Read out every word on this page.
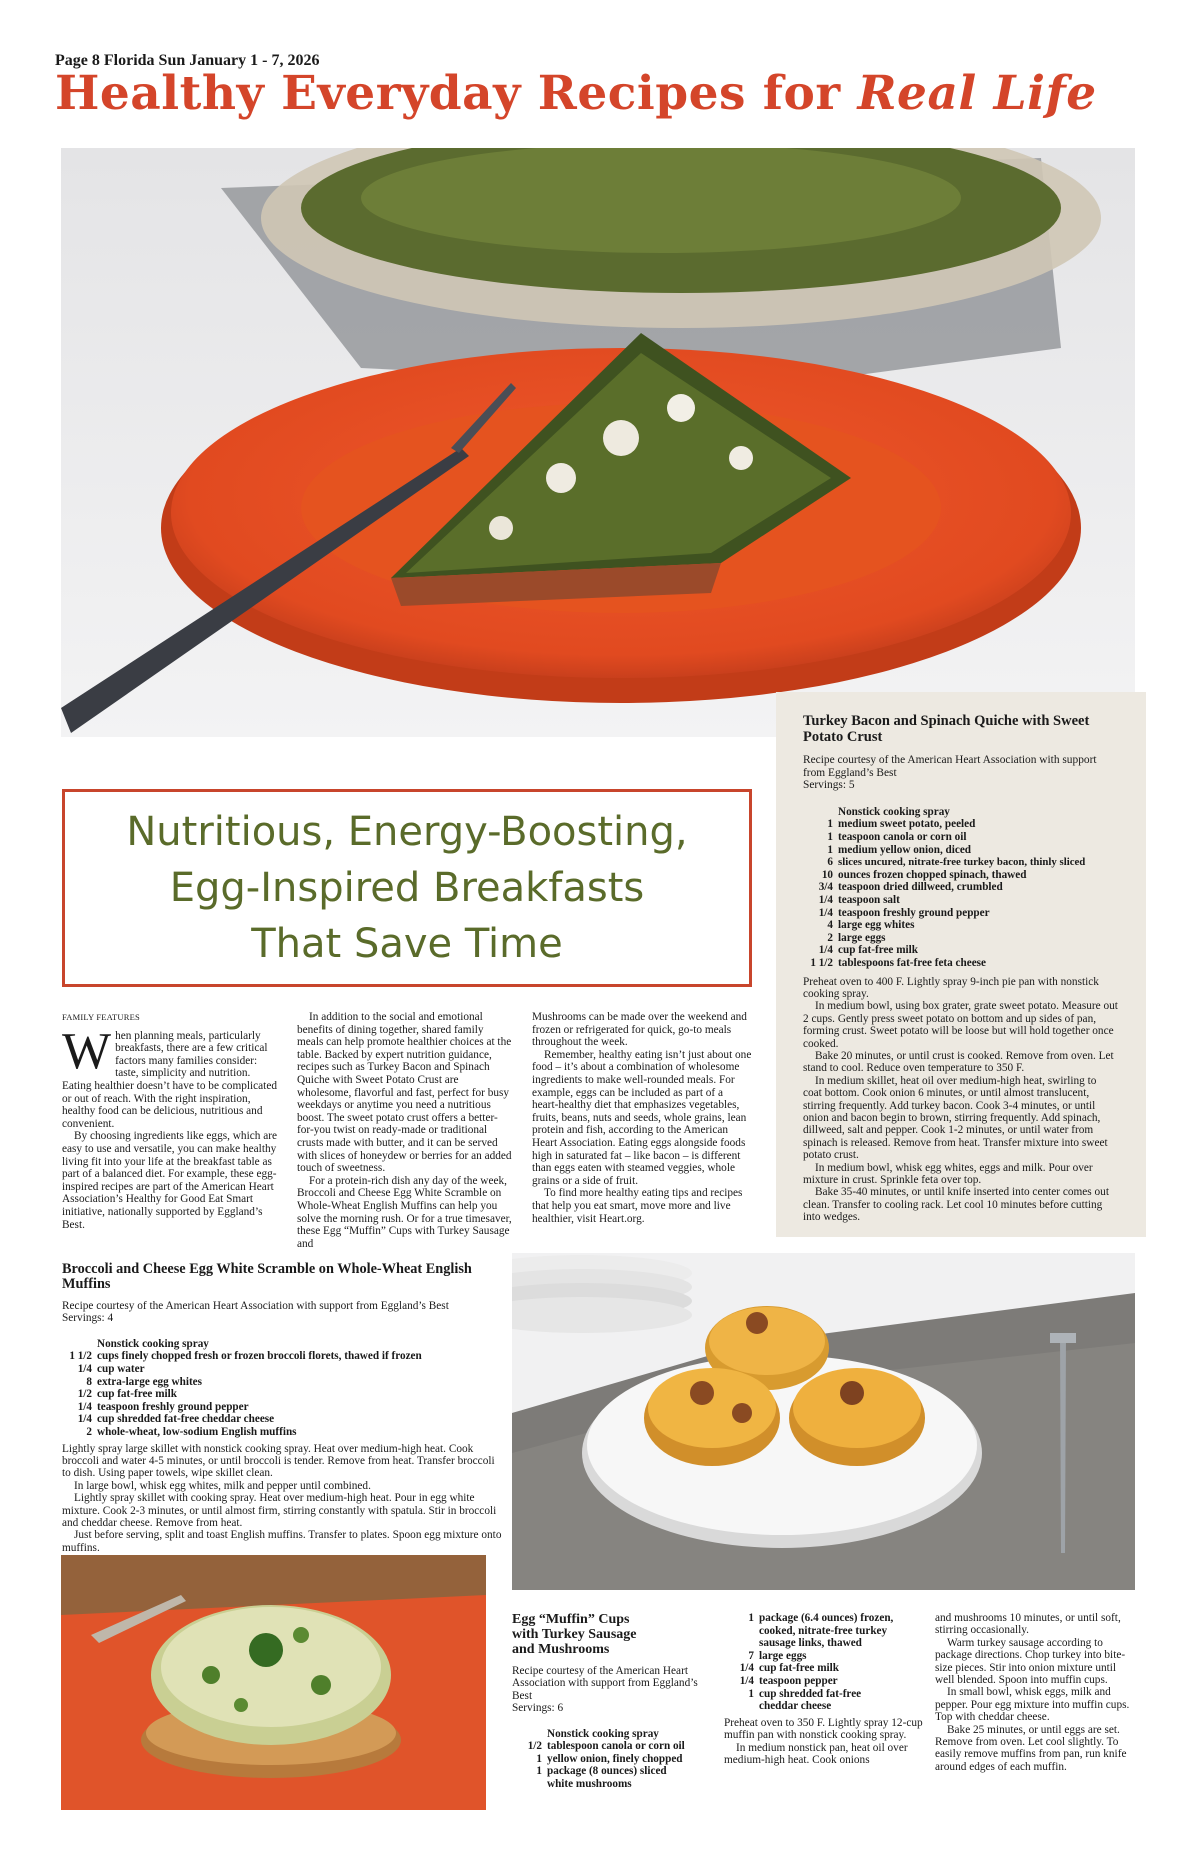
Page 8 Florida Sun January 1 - 7, 2026
Healthy Everyday Recipes for Real Life
Nutritious, Energy-Boosting,
Egg-Inspired Breakfasts
That Save Time
Turkey Bacon and Spinach Quiche with Sweet Potato Crust
Recipe courtesy of the American Heart Association with support from Eggland’s Best
Servings: 5
Nonstick cooking spray
1 medium sweet potato, peeled
1 teaspoon canola or corn oil
1 medium yellow onion, diced
6 slices uncured, nitrate-free turkey bacon, thinly sliced
10 ounces frozen chopped spinach, thawed
3/4 teaspoon dried dillweed, crumbled
1/4 teaspoon salt
1/4 teaspoon freshly ground pepper
4 large egg whites
2 large eggs
1/4 cup fat-free milk
1 1/2 tablespoons fat-free feta cheese

Preheat oven to 400 F. Lightly spray 9-inch pie pan with nonstick cooking spray.

In medium bowl, using box grater, grate sweet potato. Measure out 2 cups. Gently press sweet potato on bottom and up sides of pan, forming crust. Sweet potato will be loose but will hold together once cooked.

Bake 20 minutes, or until crust is cooked. Remove from oven. Let stand to cool. Reduce oven temperature to 350 F.

In medium skillet, heat oil over medium-high heat, swirling to coat bottom. Cook onion 6 minutes, or until almost translucent, stirring frequently. Add turkey bacon. Cook 3-4 minutes, or until onion and bacon begin to brown, stirring frequently. Add spinach, dillweed, salt and pepper. Cook 1-2 minutes, or until water from spinach is released. Remove from heat. Transfer mixture into sweet potato crust.

In medium bowl, whisk egg whites, eggs and milk. Pour over mixture in crust. Sprinkle feta over top.

Bake 35-40 minutes, or until knife inserted into center comes out clean. Transfer to cooling rack. Let cool 10 minutes before cutting into wedges.

FAMILY FEATURES

When planning meals, particularly breakfasts, there are a few critical factors many families consider: taste, simplicity and nutrition. Eating healthier doesn’t have to be complicated or out of reach. With the right inspiration, healthy food can be delicious, nutritious and convenient.

By choosing ingredients like eggs, which are easy to use and versatile, you can make healthy living fit into your life at the breakfast table as part of a balanced diet. For example, these egg-inspired recipes are part of the American Heart Association’s Healthy for Good Eat Smart initiative, nationally supported by Eggland’s Best.

In addition to the social and emotional benefits of dining together, shared family meals can help promote healthier choices at the table. Backed by expert nutrition guidance, recipes such as Turkey Bacon and Spinach Quiche with Sweet Potato Crust are wholesome, flavorful and fast, perfect for busy weekdays or anytime you need a nutritious boost. The sweet potato crust offers a better-for-you twist on ready-made or traditional crusts made with butter, and it can be served with slices of honeydew or berries for an added touch of sweetness.

For a protein-rich dish any day of the week, Broccoli and Cheese Egg White Scramble on Whole-Wheat English Muffins can help you solve the morning rush. Or for a true timesaver, these Egg “Muffin” Cups with Turkey Sausage and

Mushrooms can be made over the weekend and frozen or refrigerated for quick, go-to meals throughout the week.

Remember, healthy eating isn’t just about one food – it’s about a combination of wholesome ingredients to make well-rounded meals. For example, eggs can be included as part of a heart-healthy diet that emphasizes vegetables, fruits, beans, nuts and seeds, whole grains, lean protein and fish, according to the American Heart Association. Eating eggs alongside foods high in saturated fat – like bacon – is different than eggs eaten with steamed veggies, whole grains or a side of fruit.

To find more healthy eating tips and recipes that help you eat smart, move more and live healthier, visit Heart.org.

Broccoli and Cheese Egg White Scramble on Whole-Wheat English Muffins
Recipe courtesy of the American Heart Association with support from Eggland’s Best
Servings: 4
Nonstick cooking spray
1 1/2 cups finely chopped fresh or frozen broccoli florets, thawed if frozen
1/4 cup water
8 extra-large egg whites
1/2 cup fat-free milk
1/4 teaspoon freshly ground pepper
1/4 cup shredded fat-free cheddar cheese
2 whole-wheat, low-sodium English muffins

Lightly spray large skillet with nonstick cooking spray. Heat over medium-high heat. Cook broccoli and water 4-5 minutes, or until broccoli is tender. Remove from heat. Transfer broccoli to dish. Using paper towels, wipe skillet clean.

In large bowl, whisk egg whites, milk and pepper until combined.

Lightly spray skillet with cooking spray. Heat over medium-high heat. Pour in egg white mixture. Cook 2-3 minutes, or until almost firm, stirring constantly with spatula. Stir in broccoli and cheddar cheese. Remove from heat.

Just before serving, split and toast English muffins. Transfer to plates. Spoon egg mixture onto muffins.

Egg “Muffin” Cups
with Turkey Sausage
and Mushrooms
Recipe courtesy of the American Heart Association with support from Eggland’s Best
Servings: 6
Nonstick cooking spray
1/2 tablespoon canola or corn oil
1 yellow onion, finely chopped
1 package (8 ounces) sliced white mushrooms
1 package (6.4 ounces) frozen, cooked, nitrate-free turkey sausage links, thawed
7 large eggs
1/4 cup fat-free milk
1/4 teaspoon pepper
1 cup shredded fat-free cheddar cheese

Preheat oven to 350 F. Lightly spray 12-cup muffin pan with nonstick cooking spray.

In medium nonstick pan, heat oil over medium-high heat. Cook onions

and mushrooms 10 minutes, or until soft, stirring occasionally.

Warm turkey sausage according to package directions. Chop turkey into bite-size pieces. Stir into onion mixture until well blended. Spoon into muffin cups.

In small bowl, whisk eggs, milk and pepper. Pour egg mixture into muffin cups. Top with cheddar cheese.

Bake 25 minutes, or until eggs are set. Remove from oven. Let cool slightly. To easily remove muffins from pan, run knife around edges of each muffin.
